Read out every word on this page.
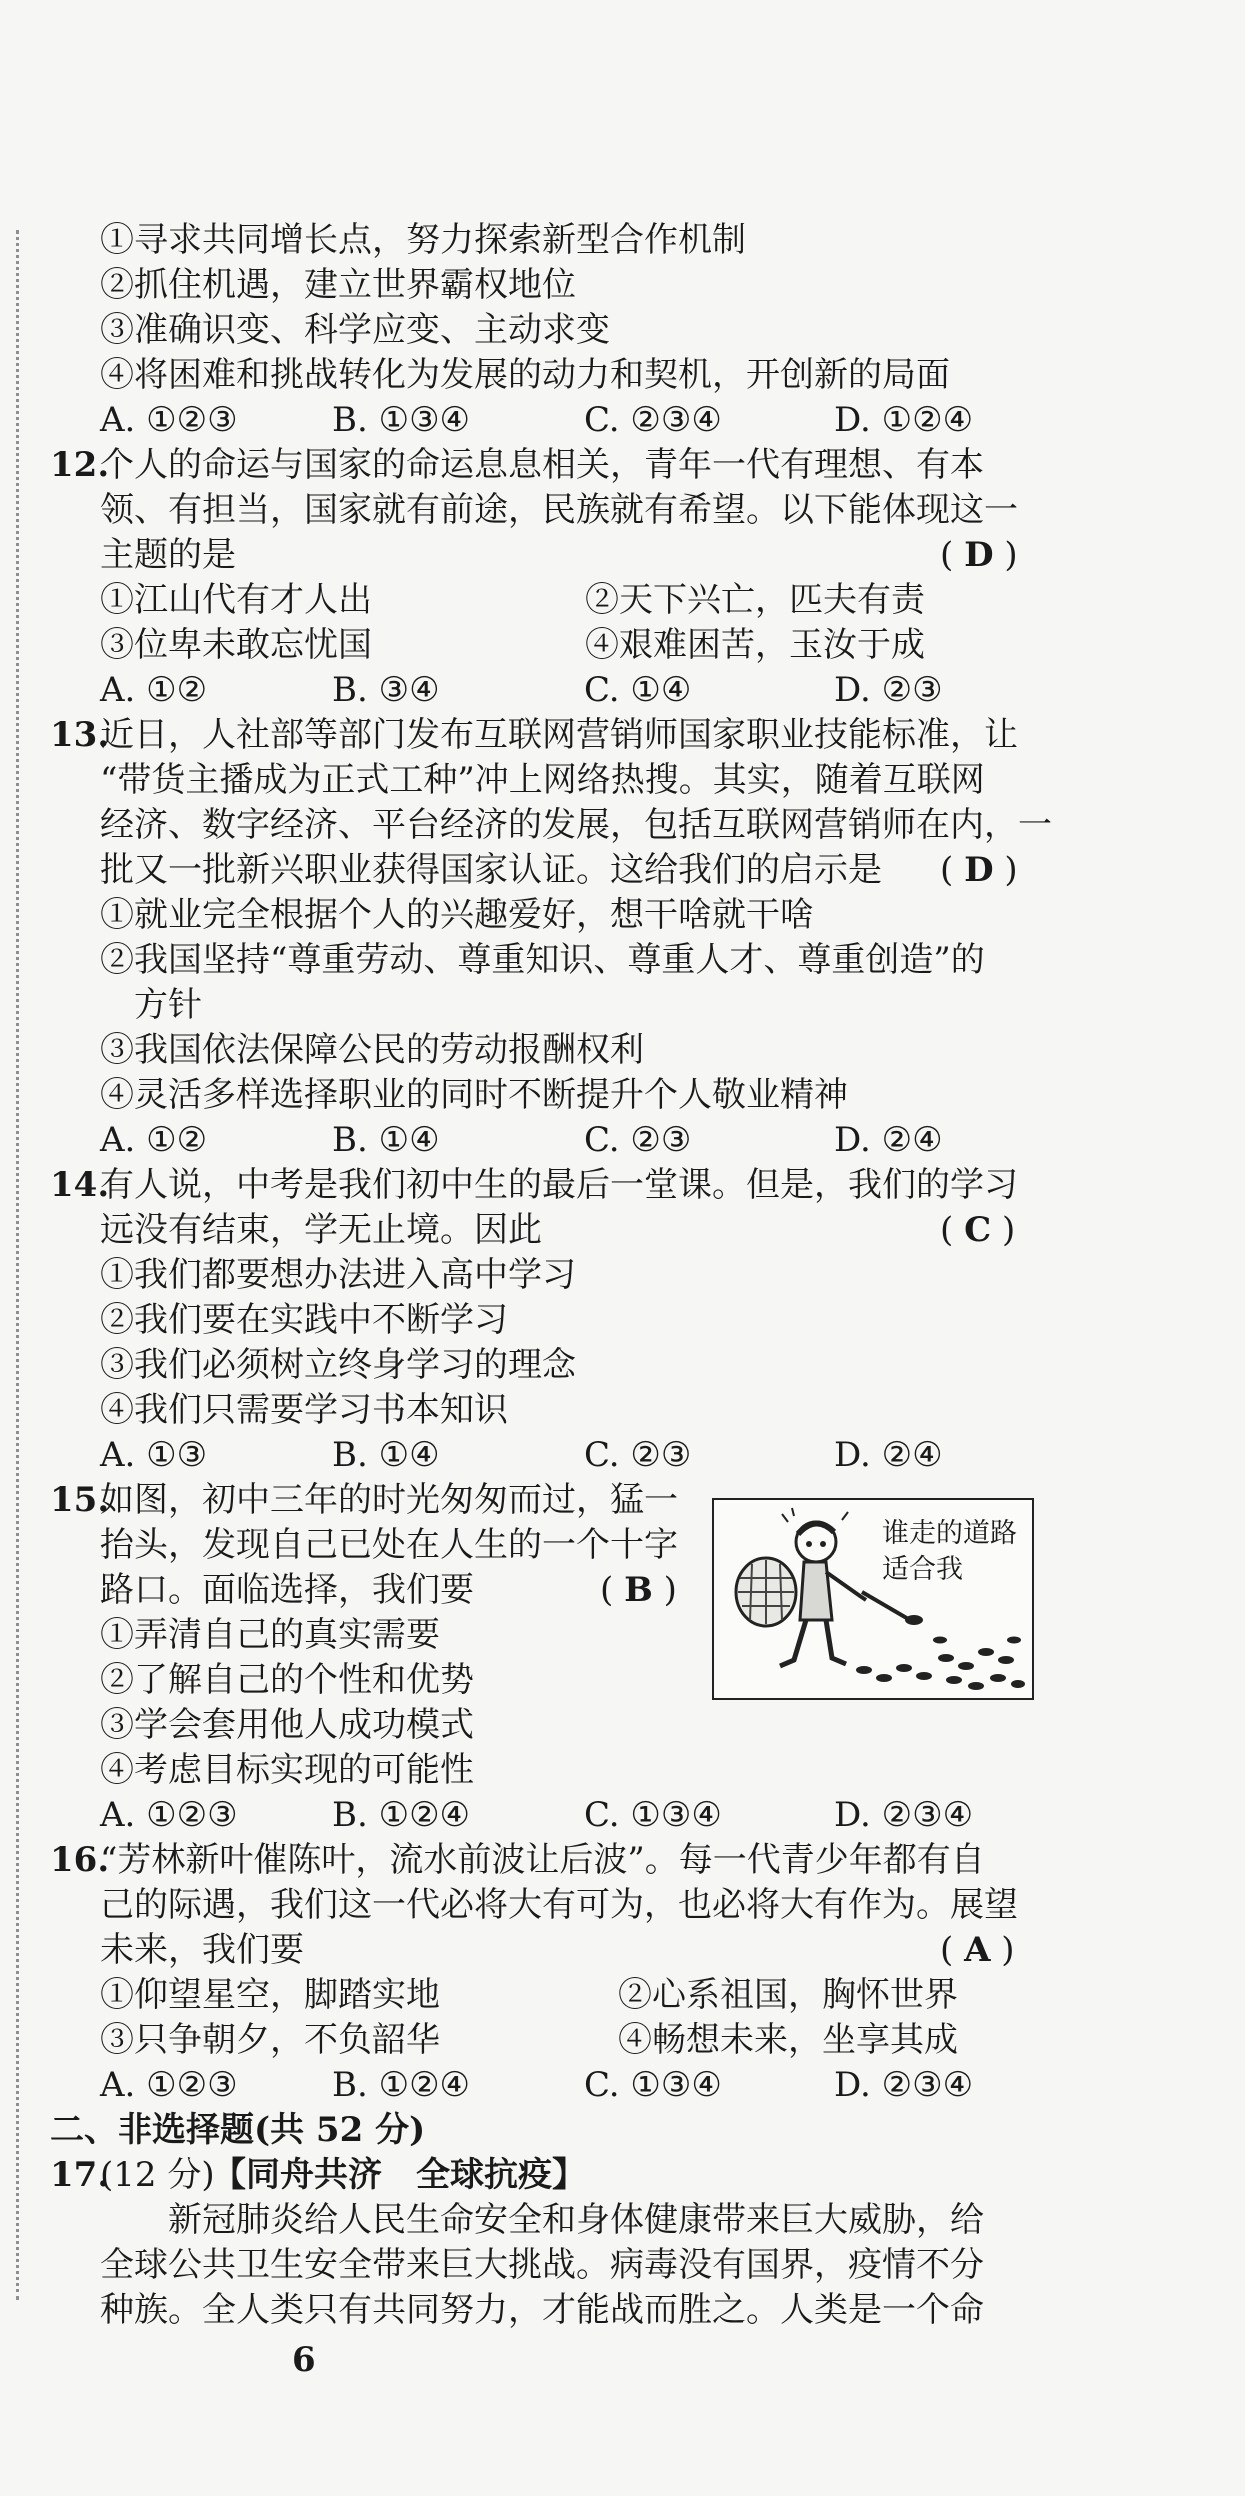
①寻求共同增长点，努力探索新型合作机制
②抓住机遇，建立世界霸权地位
③准确识变、科学应变、主动求变
④将困难和挑战转化为发展的动力和契机，开创新的局面
A. ①②③	B. ①③④	C. ②③④	D. ①②④
12.
个人的命运与国家的命运息息相关，青年一代有理想、有本
领、有担当，国家就有前途，民族就有希望。以下能体现这一
主题的是	( D )
①江山代有才人出	②天下兴亡，匹夫有责
③位卑未敢忘忧国	④艰难困苦，玉汝于成
A. ①②	B. ③④	C. ①④	D. ②③
13.
近日，人社部等部门发布互联网营销师国家职业技能标准，让
“带货主播成为正式工种”冲上网络热搜。其实，随着互联网
经济、数字经济、平台经济的发展，包括互联网营销师在内，一
批又一批新兴职业获得国家认证。这给我们的启示是 ( D )
①就业完全根据个人的兴趣爱好，想干啥就干啥
②我国坚持“尊重劳动、尊重知识、尊重人才、尊重创造”的
方针
③我国依法保障公民的劳动报酬权利
④灵活多样选择职业的同时不断提升个人敬业精神
A. ①②	B. ①④	C. ②③	D. ②④
14.
有人说，中考是我们初中生的最后一堂课。但是，我们的学习
远没有结束，学无止境。因此	( C )
①我们都要想办法进入高中学习
②我们要在实践中不断学习
③我们必须树立终身学习的理念
④我们只需要学习书本知识
A. ①③	B. ①④	C. ②③	D. ②④
15.
如图，初中三年的时光匆匆而过，猛一
抬头，发现自己已处在人生的一个十字
路口。面临选择，我们要	( B )
谁走的道路
适合我
①弄清自己的真实需要
②了解自己的个性和优势
③学会套用他人成功模式
④考虑目标实现的可能性
A. ①②③	B. ①②④	C. ①③④	D. ②③④
16.
“芳林新叶催陈叶，流水前波让后波”。每一代青少年都有自
己的际遇，我们这一代必将大有可为，也必将大有作为。展望
未来，我们要	( A )
①仰望星空，脚踏实地	②心系祖国，胸怀世界
③只争朝夕，不负韶华	④畅想未来，坐享其成
A. ①②③	B. ①②④	C. ①③④	D. ②③④
二、非选择题(共 52 分)
17.
(12 分)
【同舟共济　全球抗疫】
新冠肺炎给人民生命安全和身体健康带来巨大威胁，给
全球公共卫生安全带来巨大挑战。病毒没有国界，疫情不分
种族。全人类只有共同努力，才能战而胜之。人类是一个命
6
